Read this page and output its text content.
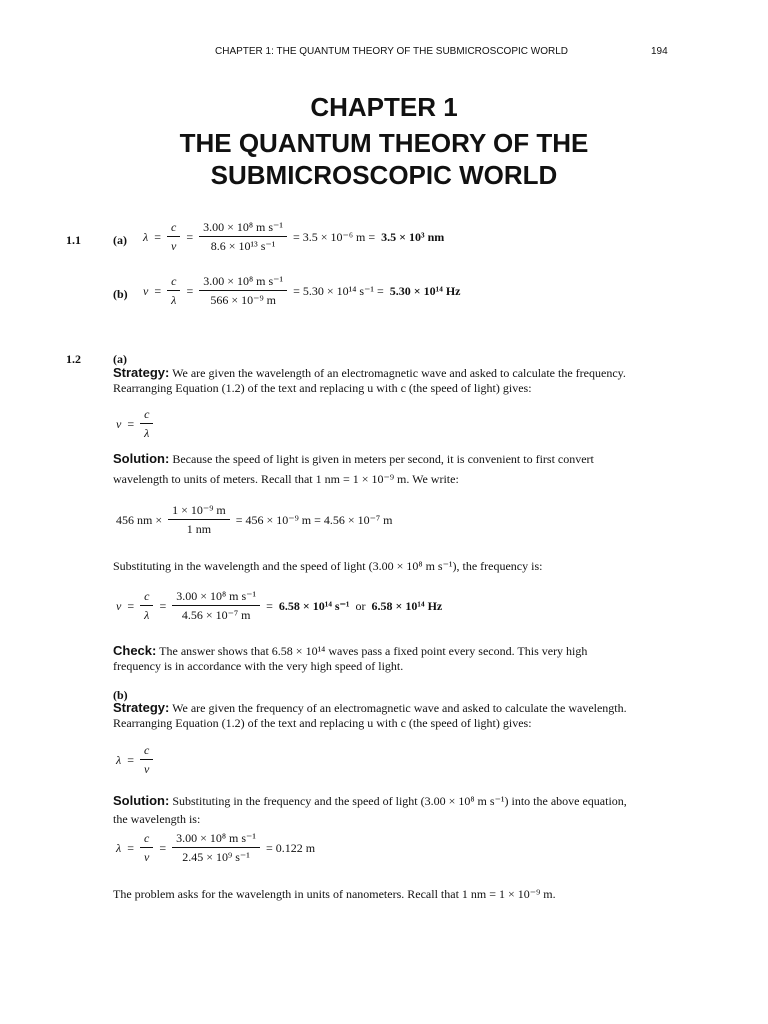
CHAPTER 1: THE QUANTUM THEORY OF THE SUBMICROSCOPIC WORLD	194
CHAPTER 1
THE QUANTUM THEORY OF THE
SUBMICROSCOPIC WORLD
1.1	(a) $\lambda = \frac{c}{\nu} = \frac{\text{3.00 × 10⁸ m s⁻¹}}{\text{8.6 × 10¹³ s⁻¹}} = 3.5 \times 10^{-6}$ m = 3.5 × 10³ nm
(b) $\nu = \frac{c}{\lambda} = \frac{\text{3.00 × 10⁸ m s⁻¹}}{\text{566 × 10⁻⁹ m}} = 5.30 \times 10^{14}$ s⁻¹ = 5.30 × 10¹⁴ Hz
1.2	(a)
Strategy: We are given the wavelength of an electromagnetic wave and asked to calculate the frequency.
Rearranging Equation (1.2) of the text and replacing u with c (the speed of light) gives:
$\nu = \frac{c}{\lambda}$
Solution: Because the speed of light is given in meters per second, it is convenient to first convert
wavelength to units of meters. Recall that 1 nm = 1 × 10⁻⁹ m. We write:
456 nm × $\frac{\text{1 × 10⁻⁹ m}}{1 nm} = 456 \times 10^{-9}$ m = 4.56 × 10⁻⁷ m
Substituting in the wavelength and the speed of light (3.00 × 10⁸ m s⁻¹), the frequency is:
$\nu = \frac{c}{\lambda} = \frac{\text{3.00 × 10⁸ m s⁻¹}}{\text{4.56 × 10⁻⁷ m}} = 6.58 \times 10^{14}$ s⁻¹ or 6.58 × 10¹⁴ Hz
Check: The answer shows that 6.58 × 10¹⁴ waves pass a fixed point every second. This very high
frequency is in accordance with the very high speed of light.
(b)
Strategy: We are given the frequency of an electromagnetic wave and asked to calculate the wavelength.
Rearranging Equation (1.2) of the text and replacing u with c (the speed of light) gives:
$\lambda = \frac{c}{\nu}$
Solution: Substituting in the frequency and the speed of light (3.00 × 10⁸ m s⁻¹) into the above equation,
the wavelength is:
$\lambda = \frac{c}{\nu} = \frac{\text{3.00 × 10⁸ m s⁻¹}}{\text{2.45 × 10⁹ s⁻¹}} = 0.122$ m
The problem asks for the wavelength in units of nanometers. Recall that 1 nm = 1 × 10⁻⁹ m.
